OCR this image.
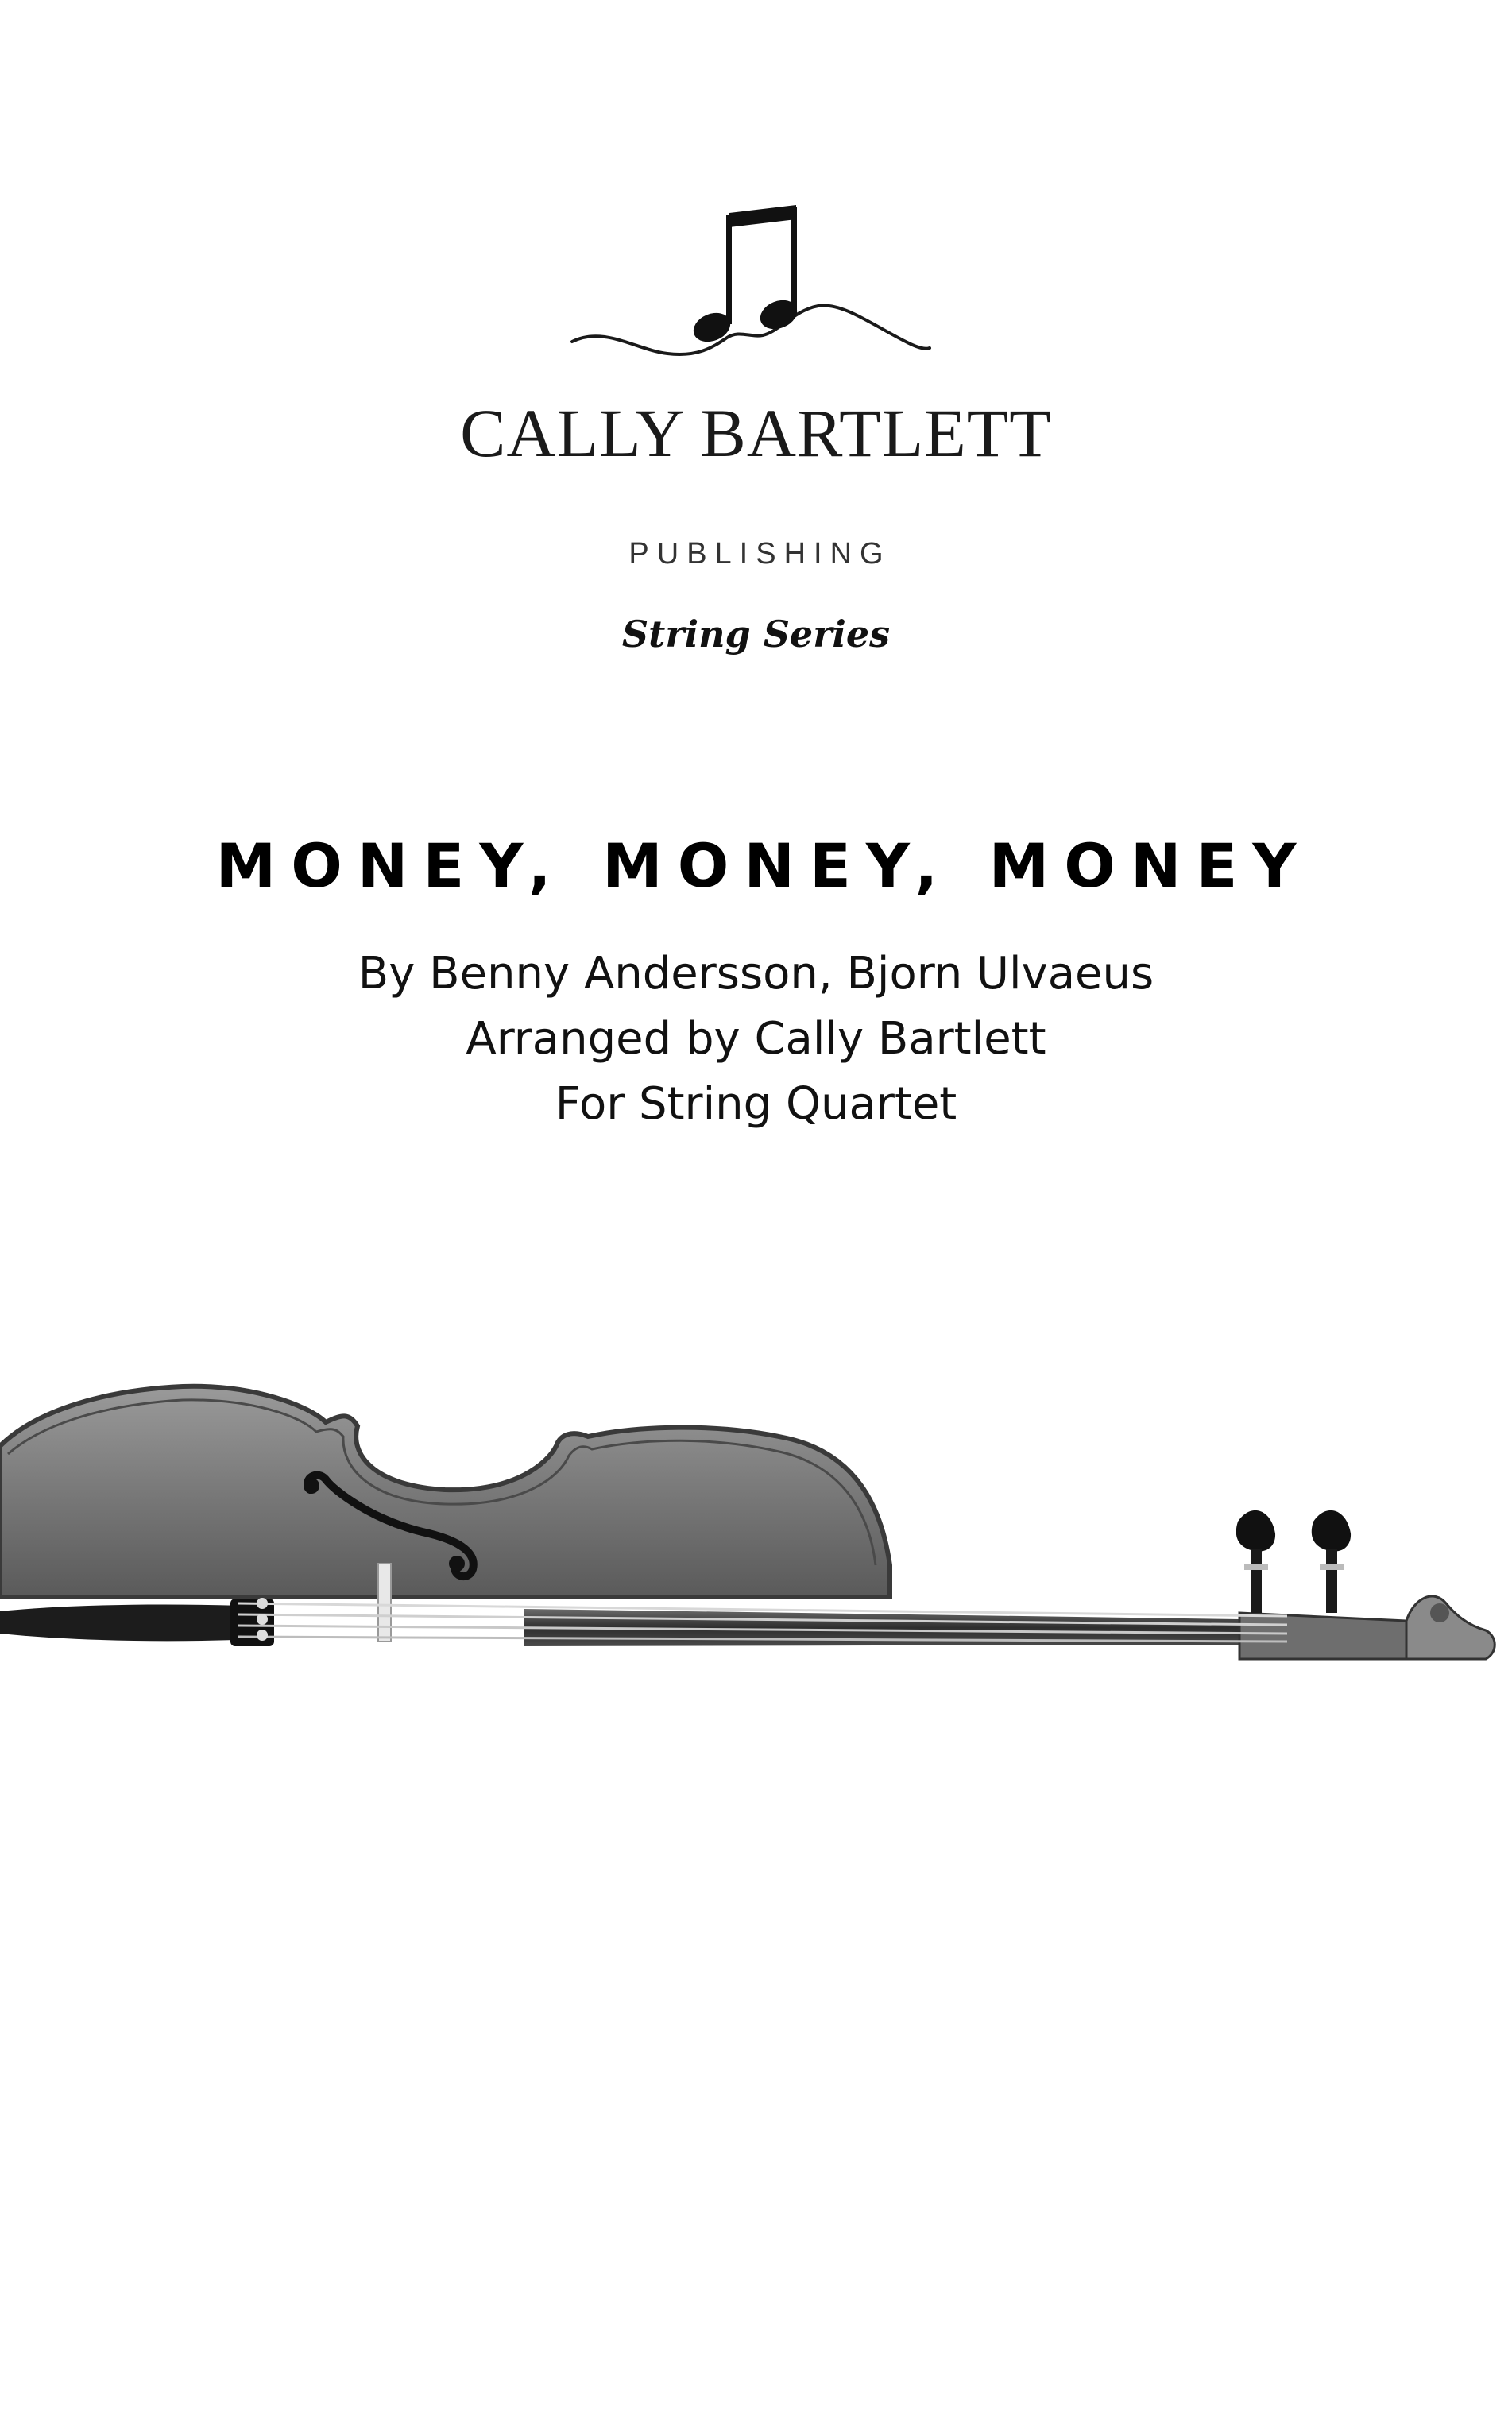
CALLY BARTLETT
PUBLISHING
String Series
MONEY, MONEY, MONEY
By Benny Andersson, Bjorn Ulvaeus
Arranged by Cally Bartlett
For String Quartet
